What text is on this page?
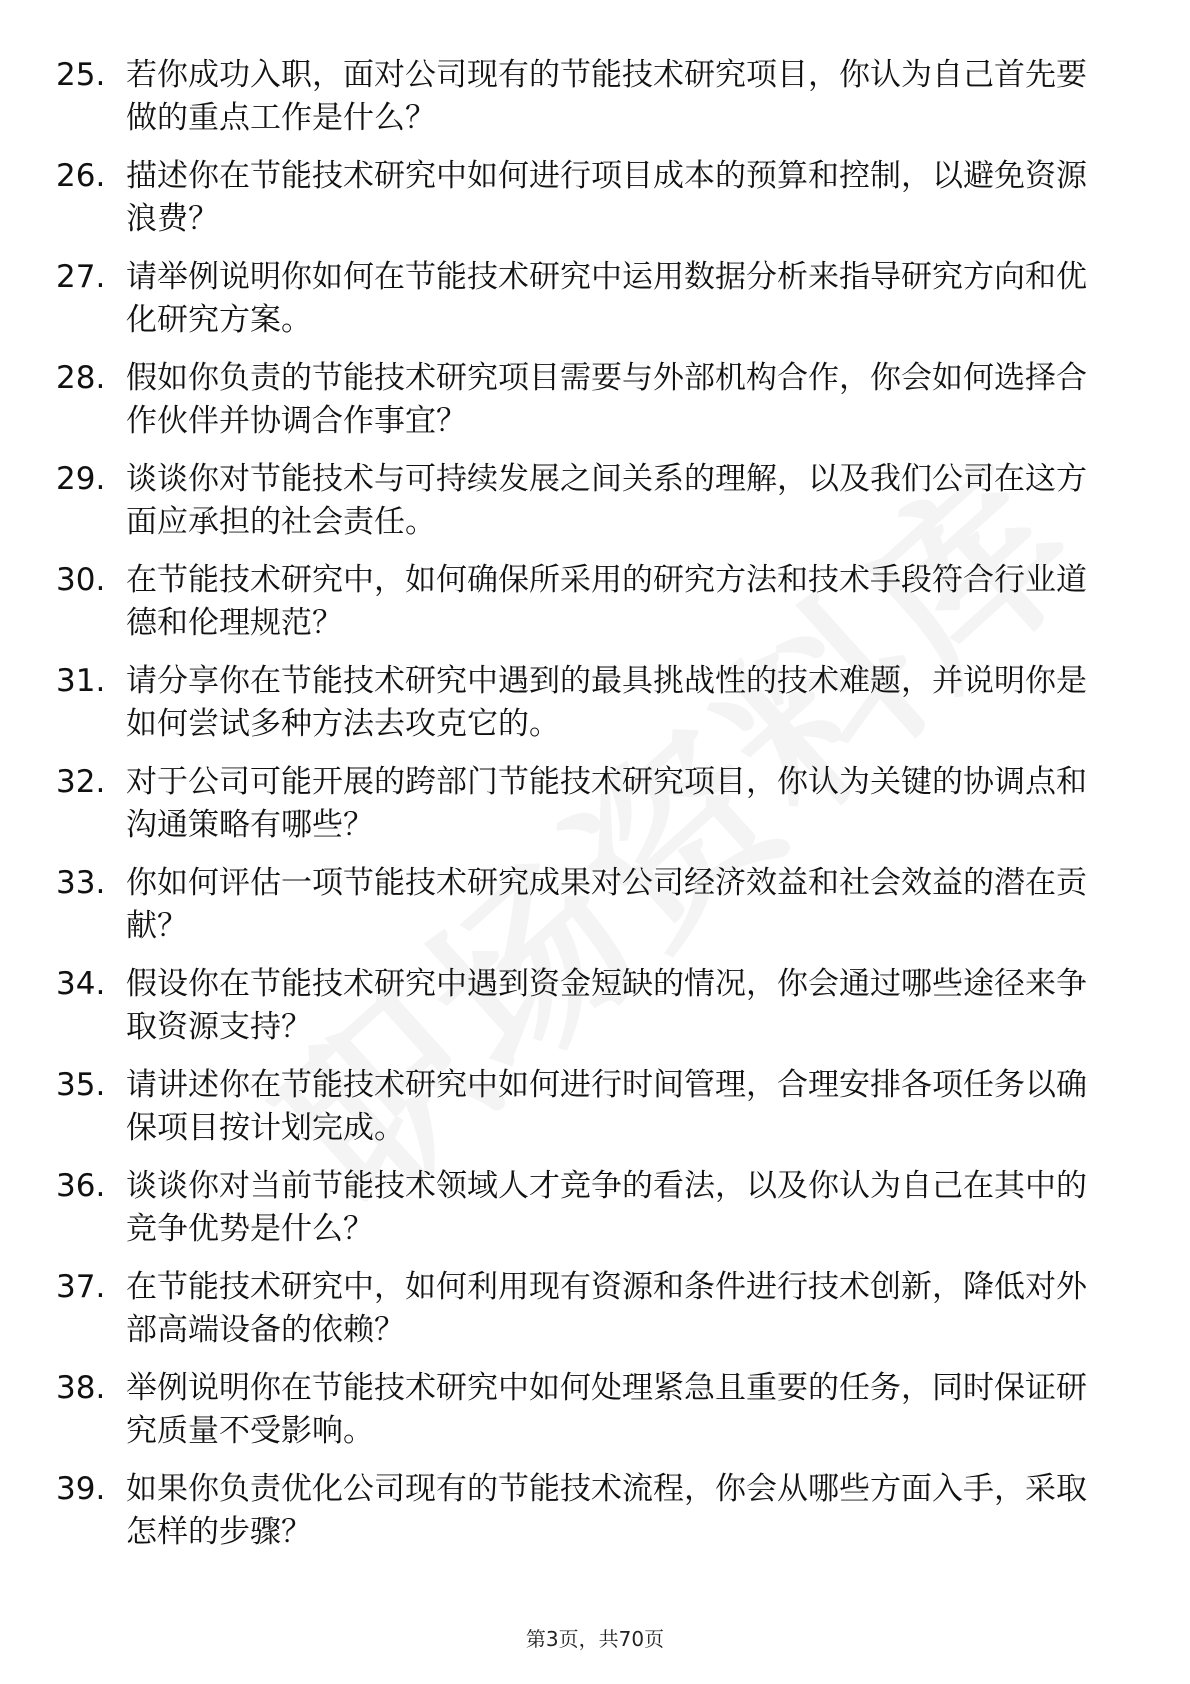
25. 若你成功入职，面对公司现有的节能技术研究项目，你认为自己首先要做的重点工作是什么？
26. 描述你在节能技术研究中如何进行项目成本的预算和控制，以避免资源浪费？
27. 请举例说明你如何在节能技术研究中运用数据分析来指导研究方向和优化研究方案。
28. 假如你负责的节能技术研究项目需要与外部机构合作，你会如何选择合作伙伴并协调合作事宜？
29. 谈谈你对节能技术与可持续发展之间关系的理解，以及我们公司在这方面应承担的社会责任。
30. 在节能技术研究中，如何确保所采用的研究方法和技术手段符合行业道德和伦理规范？
31. 请分享你在节能技术研究中遇到的最具挑战性的技术难题，并说明你是如何尝试多种方法去攻克它的。
32. 对于公司可能开展的跨部门节能技术研究项目，你认为关键的协调点和沟通策略有哪些？
33. 你如何评估一项节能技术研究成果对公司经济效益和社会效益的潜在贡献？
34. 假设你在节能技术研究中遇到资金短缺的情况，你会通过哪些途径来争取资源支持？
35. 请讲述你在节能技术研究中如何进行时间管理，合理安排各项任务以确保项目按计划完成。
36. 谈谈你对当前节能技术领域人才竞争的看法，以及你认为自己在其中的竞争优势是什么？
37. 在节能技术研究中，如何利用现有资源和条件进行技术创新，降低对外部高端设备的依赖？
38. 举例说明你在节能技术研究中如何处理紧急且重要的任务，同时保证研究质量不受影响。
39. 如果你负责优化公司现有的节能技术流程，你会从哪些方面入手，采取怎样的步骤？
第3页，共70页
